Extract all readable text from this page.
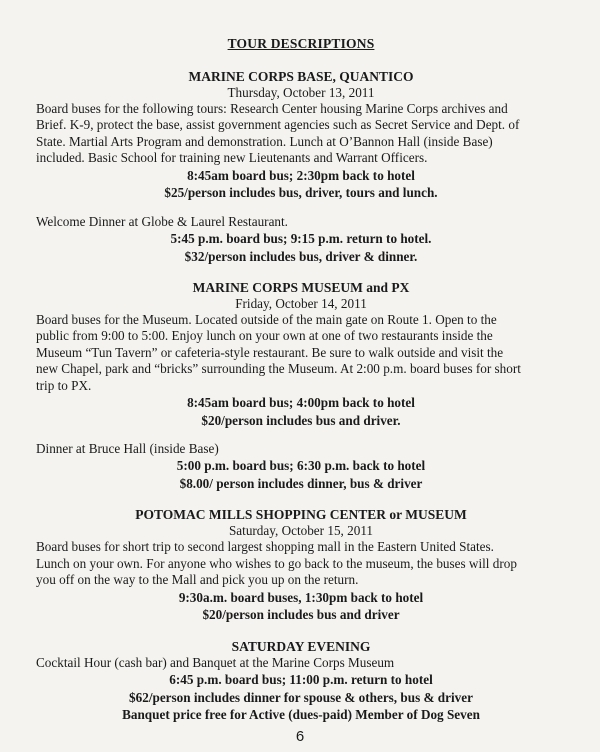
TOUR DESCRIPTIONS
MARINE CORPS BASE, QUANTICO
Thursday, October 13, 2011
Board buses for the following tours: Research Center housing Marine Corps archives and
Brief. K-9, protect the base, assist government agencies such as Secret Service and Dept. of
State. Martial Arts Program and demonstration. Lunch at O’Bannon Hall (inside Base)
included. Basic School for training new Lieutenants and Warrant Officers.
8:45am board bus; 2:30pm back to hotel
$25/person includes bus, driver, tours and lunch.
Welcome Dinner at Globe & Laurel Restaurant.
5:45 p.m. board bus; 9:15 p.m. return to hotel.
$32/person includes bus, driver & dinner.
MARINE CORPS MUSEUM and PX
Friday, October 14, 2011
Board buses for the Museum. Located outside of the main gate on Route 1. Open to the
public from 9:00 to 5:00. Enjoy lunch on your own at one of two restaurants inside the
Museum “Tun Tavern” or cafeteria-style restaurant. Be sure to walk outside and visit the
new Chapel, park and “bricks” surrounding the Museum. At 2:00 p.m. board buses for short
trip to PX.
8:45am board bus; 4:00pm back to hotel
$20/person includes bus and driver.
Dinner at Bruce Hall (inside Base)
5:00 p.m. board bus; 6:30 p.m. back to hotel
$8.00/ person includes dinner, bus & driver
POTOMAC MILLS SHOPPING CENTER or MUSEUM
Saturday, October 15, 2011
Board buses for short trip to second largest shopping mall in the Eastern United States.
Lunch on your own. For anyone who wishes to go back to the museum, the buses will drop
you off on the way to the Mall and pick you up on the return.
9:30a.m. board buses, 1:30pm back to hotel
$20/person includes bus and driver
SATURDAY EVENING
Cocktail Hour (cash bar) and Banquet at the Marine Corps Museum
6:45 p.m. board bus; 11:00 p.m. return to hotel
$62/person includes dinner for spouse & others, bus & driver
Banquet price free for Active (dues-paid) Member of Dog Seven
6
